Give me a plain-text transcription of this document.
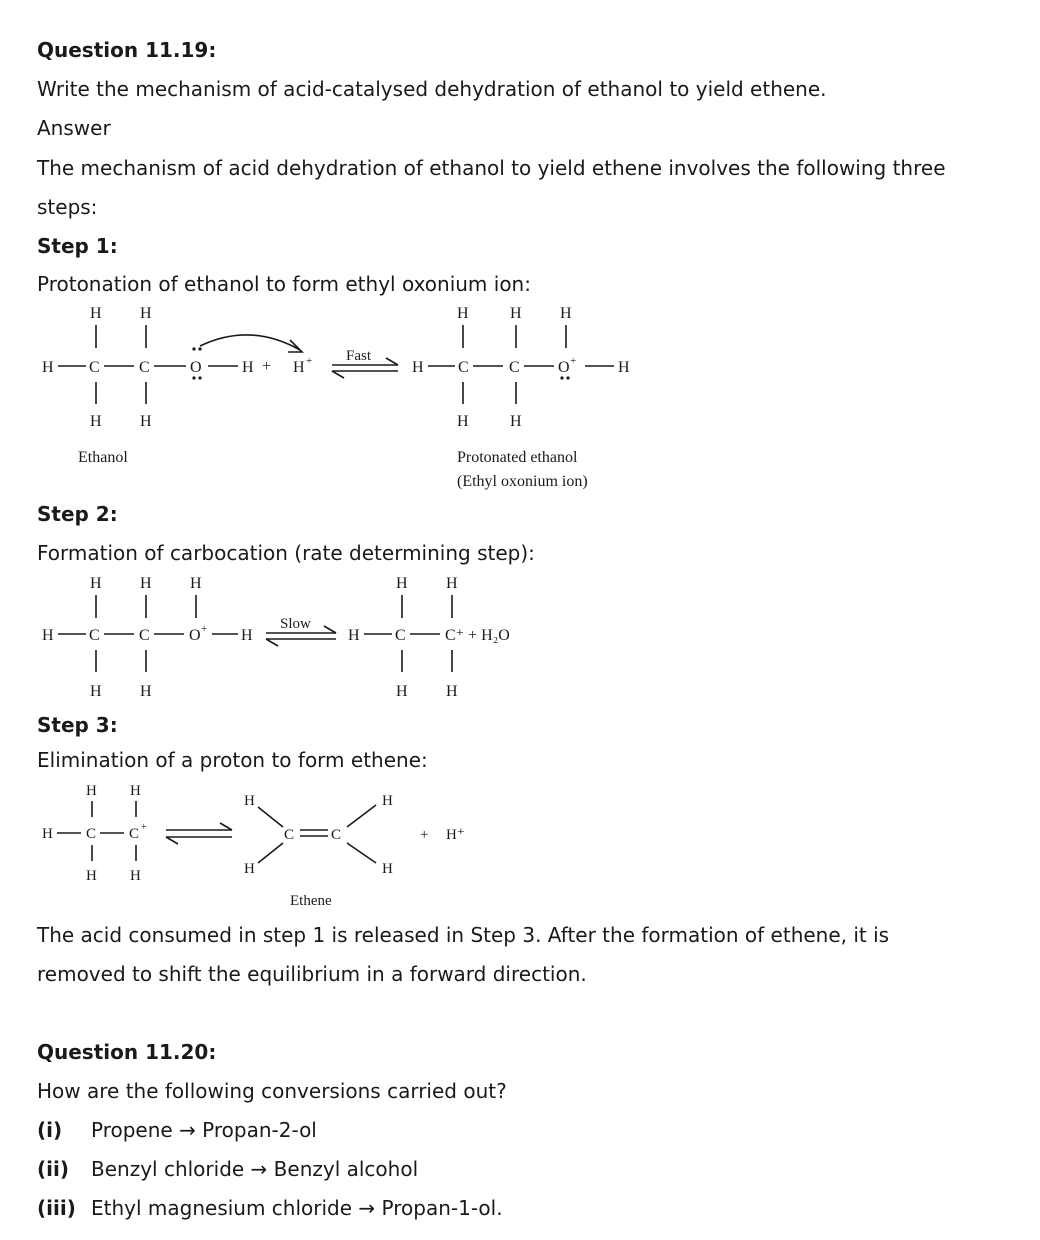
Question 11.19:
Write the mechanism of acid-catalysed dehydration of ethanol to yield ethene.
Answer
The mechanism of acid dehydration of ethanol to yield ethene involves the following three
steps:
Step 1:
Protonation of ethanol to form ethyl oxonium ion:
H H
H C C	O	H + H +
H H
Ethanol
Fast
H	H H
H C	C O +	H
H	H
Protonated ethanol
(Ethyl oxonium ion)
Step 2:
Formation of carbocation (rate determining step):
H H H
H C C O + H
H H
Slow
H H
H C
H H
C⁺ + H₂O
Step 3:
Elimination of a proton to form ethene:
H H
H C C +
H H
H
H
C C
H
H
+ H⁺
Ethene
The acid consumed in step 1 is released in Step 3. After the formation of ethene, it is
removed to shift the equilibrium in a forward direction.
Question 11.20:
How are the following conversions carried out?
(i) Propene → Propan-2-ol
(ii) Benzyl chloride → Benzyl alcohol
(iii) Ethyl magnesium chloride → Propan-1-ol.
